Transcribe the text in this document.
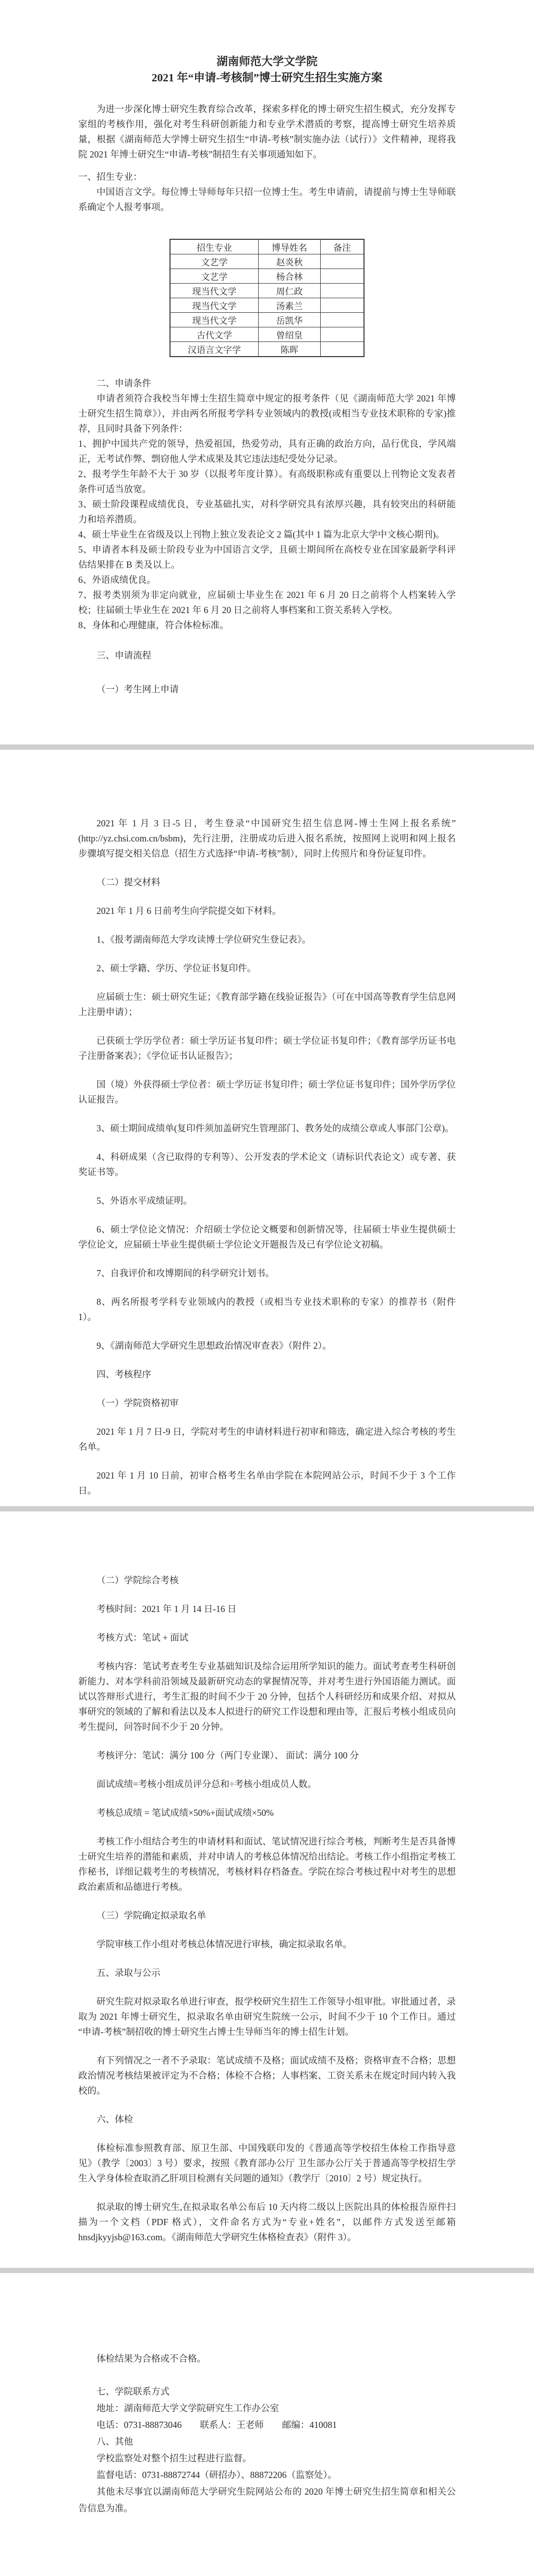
湖南师范大学文学院

2021 年“申请-考核制”博士研究生招生实施方案

为进一步深化博士研究生教育综合改革，探索多样化的博士研究生招生模式，充分发挥专家组的考核作用，强化对考生科研创新能力和专业学术潜质的考察，提高博士研究生培养质量，根据《湖南师范大学博士研究生招生“申请-考核”制实施办法（试行）》文件精神，现将我院 2021 年博士研究生“申请-考核”制招生有关事项通知如下。

一、招生专业：

中国语言文学。每位博士导师每年只招一位博士生。考生申请前，请提前与博士生导师联系确定个人报考事项。

招生专业	博导姓名	备注
文艺学	赵炎秋	
文艺学	杨合林	
现当代文学	周仁政	
现当代文学	汤素兰	
现当代文学	岳凯华	
古代文学	曾绍皇	
汉语言文字学	陈晖	

二、申请条件

申请者须符合我校当年博士生招生简章中规定的报考条件（见《湖南师范大学 2021 年博士研究生招生简章》），并由两名所报考学科专业领域内的教授(或相当专业技术职称的专家)推荐，且同时具备下列条件：

1、拥护中国共产党的领导，热爱祖国，热爱劳动，具有正确的政治方向，品行优良，学风端正，无考试作弊、剽窃他人学术成果及其它违法违纪受处分记录。

2、报考学生年龄不大于 30 岁（以报考年度计算）。有高级职称或有重要以上刊物论文发表者条件可适当放宽。

3、硕士阶段课程成绩优良，专业基础扎实，对科学研究具有浓厚兴趣，具有较突出的科研能力和培养潜质。

4、硕士毕业生在省级及以上刊物上独立发表论文 2 篇(其中 1 篇为北京大学中文核心期刊)。

5、申请者本科及硕士阶段专业为中国语言文学，且硕士期间所在高校专业在国家最新学科评估结果排在 B 类及以上。

6、外语成绩优良。

7、报考类别须为非定向就业，应届硕士毕业生在 2021 年 6 月 20 日之前将个人档案转入学校；往届硕士毕业生在 2021 年 6 月 20 日之前将人事档案和工资关系转入学校。

8、身体和心理健康，符合体检标准。

三、申请流程

（一）考生网上申请

2021 年 1 月 3 日-5 日，考生登录“中国研究生招生信息网-博士生网上报名系统”(http://yz.chsi.com.cn/bsbm)，先行注册，注册成功后进入报名系统，按照网上说明和网上报名步骤填写提交相关信息（招生方式选择“申请-考核”制），同时上传照片和身份证复印件。

（二）提交材料

2021 年 1 月 6 日前考生向学院提交如下材料。

1、《报考湖南师范大学攻读博士学位研究生登记表》。

2、硕士学籍、学历、学位证书复印件。

应届硕士生：硕士研究生证；《教育部学籍在线验证报告》（可在中国高等教育学生信息网上注册申请）；

已获硕士学历学位者：硕士学历证书复印件；硕士学位证书复印件；《教育部学历证书电子注册备案表》；《学位证书认证报告》；

国（境）外获得硕士学位者：硕士学历证书复印件；硕士学位证书复印件；国外学历学位认证报告。

3、硕士期间成绩单(复印件须加盖研究生管理部门、教务处的成绩公章或人事部门公章)。

4、科研成果（含已取得的专利等）、公开发表的学术论文（请标识代表论文）或专著、获奖证书等。

5、外语水平成绩证明。

6、硕士学位论文情况：介绍硕士学位论文概要和创新情况等，往届硕士毕业生提供硕士学位论文，应届硕士毕业生提供硕士学位论文开题报告及已有学位论文初稿。

7、自我评价和攻博期间的科学研究计划书。

8、两名所报考学科专业领域内的教授（或相当专业技术职称的专家）的推荐书（附件 1）。

9、《湖南师范大学研究生思想政治情况审查表》（附件 2）。

四、考核程序

（一）学院资格初审

2021 年 1 月 7 日-9 日，学院对考生的申请材料进行初审和筛选，确定进入综合考核的考生名单。

2021 年 1 月 10 日前，初审合格考生名单由学院在本院网站公示，时间不少于 3 个工作日。

（二）学院综合考核

考核时间：2021 年 1 月 14 日-16 日

考核方式：笔试 + 面试

考核内容：笔试考查考生专业基础知识及综合运用所学知识的能力。面试考查考生科研创新能力、对本学科前沿领域及最新研究动态的掌握情况等，并对考生进行外国语能力测试。面试以答辩形式进行，考生汇报的时间不少于 20 分钟，包括个人科研经历和成果介绍、对拟从事研究的领域的了解和看法以及本人拟进行的研究工作设想和理由等，汇报后考核小组成员向考生提问，问答时间不少于 20 分钟。

考核评分：笔试：满分 100 分（两门专业课）、 面试：满分 100 分

面试成绩=考核小组成员评分总和÷考核小组成员人数。

考核总成绩 = 笔试成绩×50%+面试成绩×50%

考核工作小组结合考生的申请材料和面试、笔试情况进行综合考核，判断考生是否具备博士研究生培养的潜能和素质，并对申请人的考核总体情况给出结论。考核工作小组指定考核工作秘书，详细记载考生的考核情况，考核材料存档备查。学院在综合考核过程中对考生的思想政治素质和品德进行考核。

（三）学院确定拟录取名单

学院审核工作小组对考核总体情况进行审核，确定拟录取名单。

五、录取与公示

研究生院对拟录取名单进行审查，报学校研究生招生工作领导小组审批。审批通过者，录取为 2021 年博士研究生，拟录取名单由研究生院统一公示，时间不少于 10 个工作日。通过“申请-考核”制招收的博士研究生占博士生导师当年的博士招生计划。

有下列情况之一者不予录取：笔试成绩不及格；面试成绩不及格；资格审查不合格；思想政治情况考核结果被评定为不合格；体检不合格；人事档案、工资关系未在规定时间内转入我校的。

六、体检

体检标准参照教育部、原卫生部、中国残联印发的《普通高等学校招生体检工作指导意见》（教学〔2003〕3 号）要求，按照《教育部办公厅 卫生部办公厅关于普通高等学校招生学生入学身体检查取消乙肝项目检测有关问题的通知》（教学厅〔2010〕2 号）规定执行。

拟录取的博士研究生,在拟录取名单公布后 10 天内将二级以上医院出具的体检报告原件扫描为一个文档（PDF 格式），文件命名方式为“专业+姓名”，以邮件方式发送至邮箱 hnsdjkyyjsb@163.com。《湖南师范大学研究生体格检查表》（附件 3）。

体检结果为合格或不合格。

七、学院联系方式

地址：湖南师范大学文学院研究生工作办公室

电话：0731-88873046　　联系人：王老师　　邮编：410081

八、其他

学校监察处对整个招生过程进行监督。

监督电话：0731-88872744（研招办）、88872206（监察处）。

其他未尽事宜以湖南师范大学研究生院网站公布的 2020 年博士研究生招生简章和相关公告信息为准。
